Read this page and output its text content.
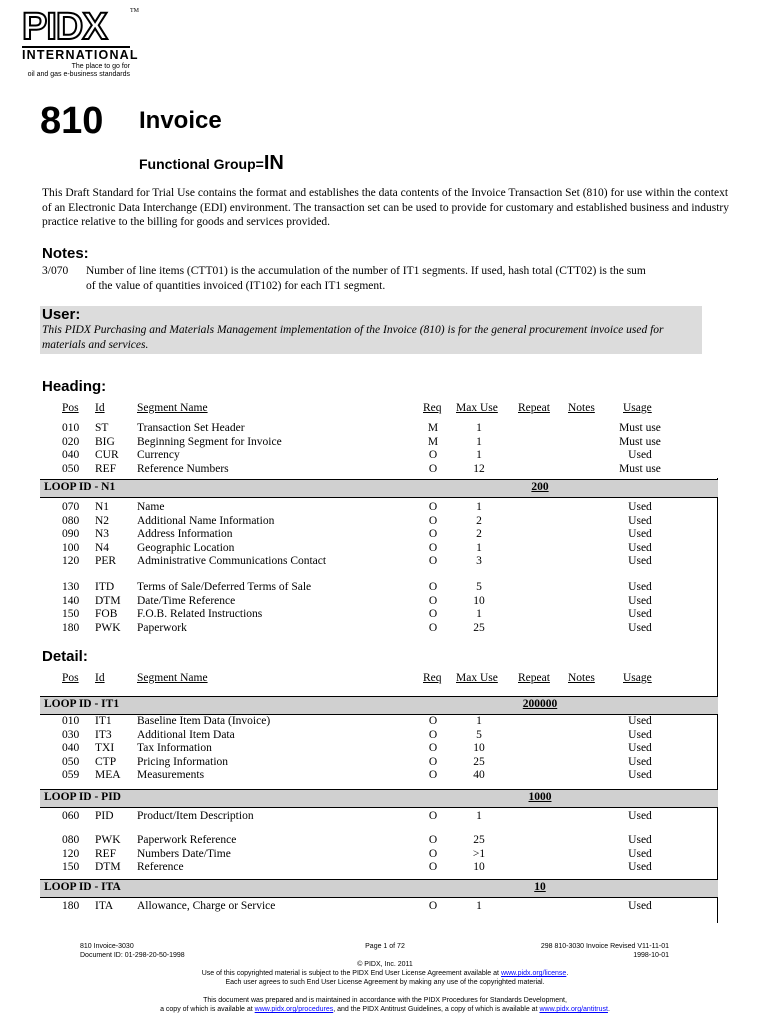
PIDX
INTERNATIONAL
The place to go for
oil and gas e-business standards
TM
810 Invoice
Functional Group=IN
This Draft Standard for Trial Use contains the format and establishes the data contents of the Invoice Transaction Set (810) for use within the context of an Electronic Data Interchange (EDI) environment. The transaction set can be used to provide for customary and established business and industry practice relative to the billing for goods and services provided.
Notes:
3/070 Number of line items (CTT01) is the accumulation of the number of IT1 segments. If used, hash total (CTT02) is the sum
of the value of quantities invoiced (IT102) for each IT1 segment.
User:
This PIDX Purchasing and Materials Management implementation of the Invoice (810) is for the general procurement invoice used for materials and services.
Heading:
Pos Id	Segment Name	Req Max Use Repeat Notes Usage
010	ST	Transaction Set Header	M	1	Must use
020	BIG	Beginning Segment for Invoice	M	1	Must use
040	CUR	Currency	O	1	Used
050	REF	Reference Numbers	O	12	Must use
LOOP ID - N1	200
070	N1	Name	O	1	Used
080	N2	Additional Name Information	O	2	Used
090	N3	Address Information	O	2	Used
100	N4	Geographic Location	O	1	Used
120	PER	Administrative Communications Contact	O	3	Used
130	ITD	Terms of Sale/Deferred Terms of Sale	O	5	Used
140	DTM	Date/Time Reference	O	10	Used
150	FOB	F.O.B. Related Instructions	O	1	Used
180	PWK	Paperwork	O	25	Used
Detail:
Pos Id	Segment Name	Req Max Use Repeat Notes Usage
LOOP ID - IT1	200000
010	IT1	Baseline Item Data (Invoice)	O	1	Used
030	IT3	Additional Item Data	O	5	Used
040	TXI	Tax Information	O	10	Used
050	CTP	Pricing Information	O	25	Used
059	MEA	Measurements	O	40	Used
LOOP ID - PID	1000
060	PID	Product/Item Description	O	1	Used
080	PWK	Paperwork Reference	O	25	Used
120	REF	Numbers Date/Time	O	>1	Used
150	DTM	Reference	O	10	Used
LOOP ID - ITA	10
180	ITA	Allowance, Charge or Service	O	1	Used
810 Invoice-3030
Document ID: 01-298-20-50-1998
Page 1 of 72	298 810-3030 Invoice Revised V11-11-01
1998-10-01
© PIDX, Inc. 2011
Use of this copyrighted material is subject to the PIDX End User License Agreement available at www.pidx.org/license.
Each user agrees to such End User License Agreement by making any use of the copyrighted material.
This document was prepared and is maintained in accordance with the PIDX Procedures for Standards Development,
a copy of which is available at www.pidx.org/procedures, and the PIDX Antitrust Guidelines, a copy of which is available at www.pidx.org/antitrust.
